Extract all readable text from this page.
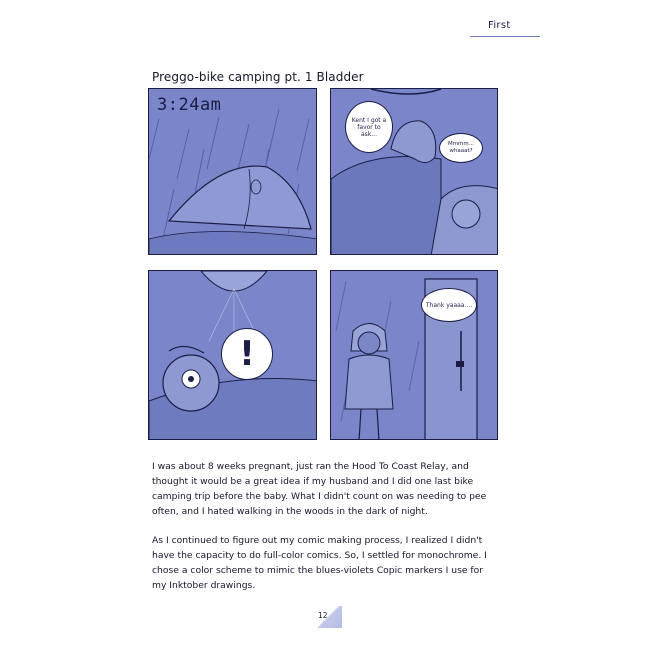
First
Preggo-bike camping pt. 1 Bladder
3:24am
Kent I got a favor to ask...
Mmmm... whaaat?
!
Thank yaaaa....

I was about 8 weeks pregnant, just ran the Hood To Coast Relay, and thought it would be a great idea if my husband and I did one last bike camping trip before the baby. What I didn't count on was needing to pee often, and I hated walking in the woods in the dark of night.

As I continued to figure out my comic making process, I realized I didn't have the capacity to do full-color comics. So, I settled for monochrome. I chose a color scheme to mimic the blues-violets Copic markers I use for my Inktober drawings.

12
